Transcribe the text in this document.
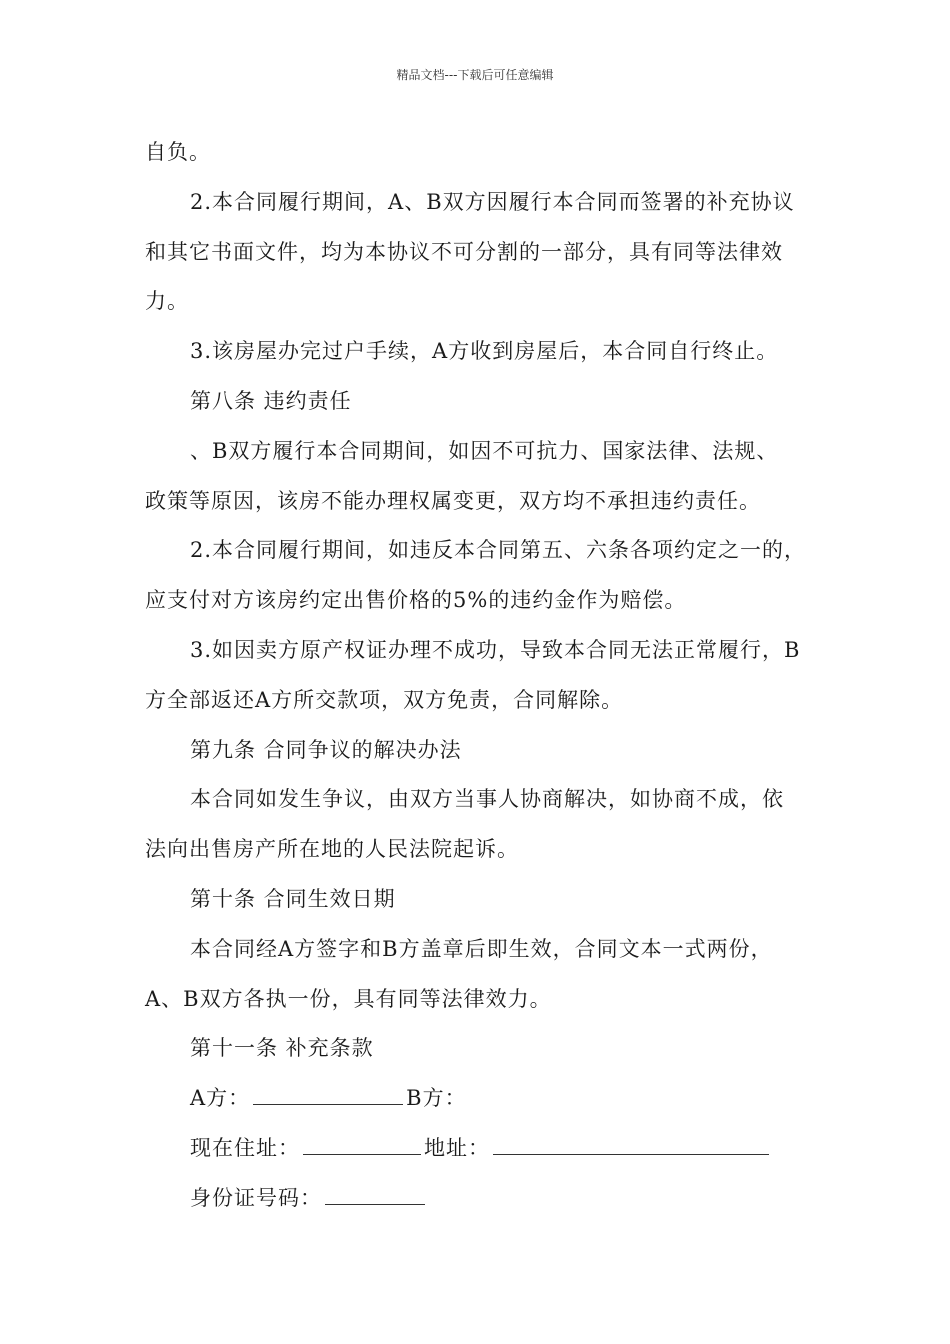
精品文档---下载后可任意编辑
自负。
2.本合同履行期间，A、B双方因履行本合同而签署的补充协议
和其它书面文件，均为本协议不可分割的一部分，具有同等法律效
力。
3.该房屋办完过户手续，A方收到房屋后，本合同自行终止。
第八条 违约责任
、B双方履行本合同期间，如因不可抗力、国家法律、法规、
政策等原因，该房不能办理权属变更，双方均不承担违约责任。
2.本合同履行期间，如违反本合同第五、六条各项约定之一的，
应支付对方该房约定出售价格的5%的违约金作为赔偿。
3.如因卖方原产权证办理不成功，导致本合同无法正常履行，B
方全部返还A方所交款项，双方免责，合同解除。
第九条 合同争议的解决办法
本合同如发生争议，由双方当事人协商解决，如协商不成，依
法向出售房产所在地的人民法院起诉。
第十条 合同生效日期
本合同经A方签字和B方盖章后即生效，合同文本一式两份，
A、B双方各执一份，具有同等法律效力。
第十一条 补充条款
A方：	B方：
现在住址：	地址：
身份证号码：
